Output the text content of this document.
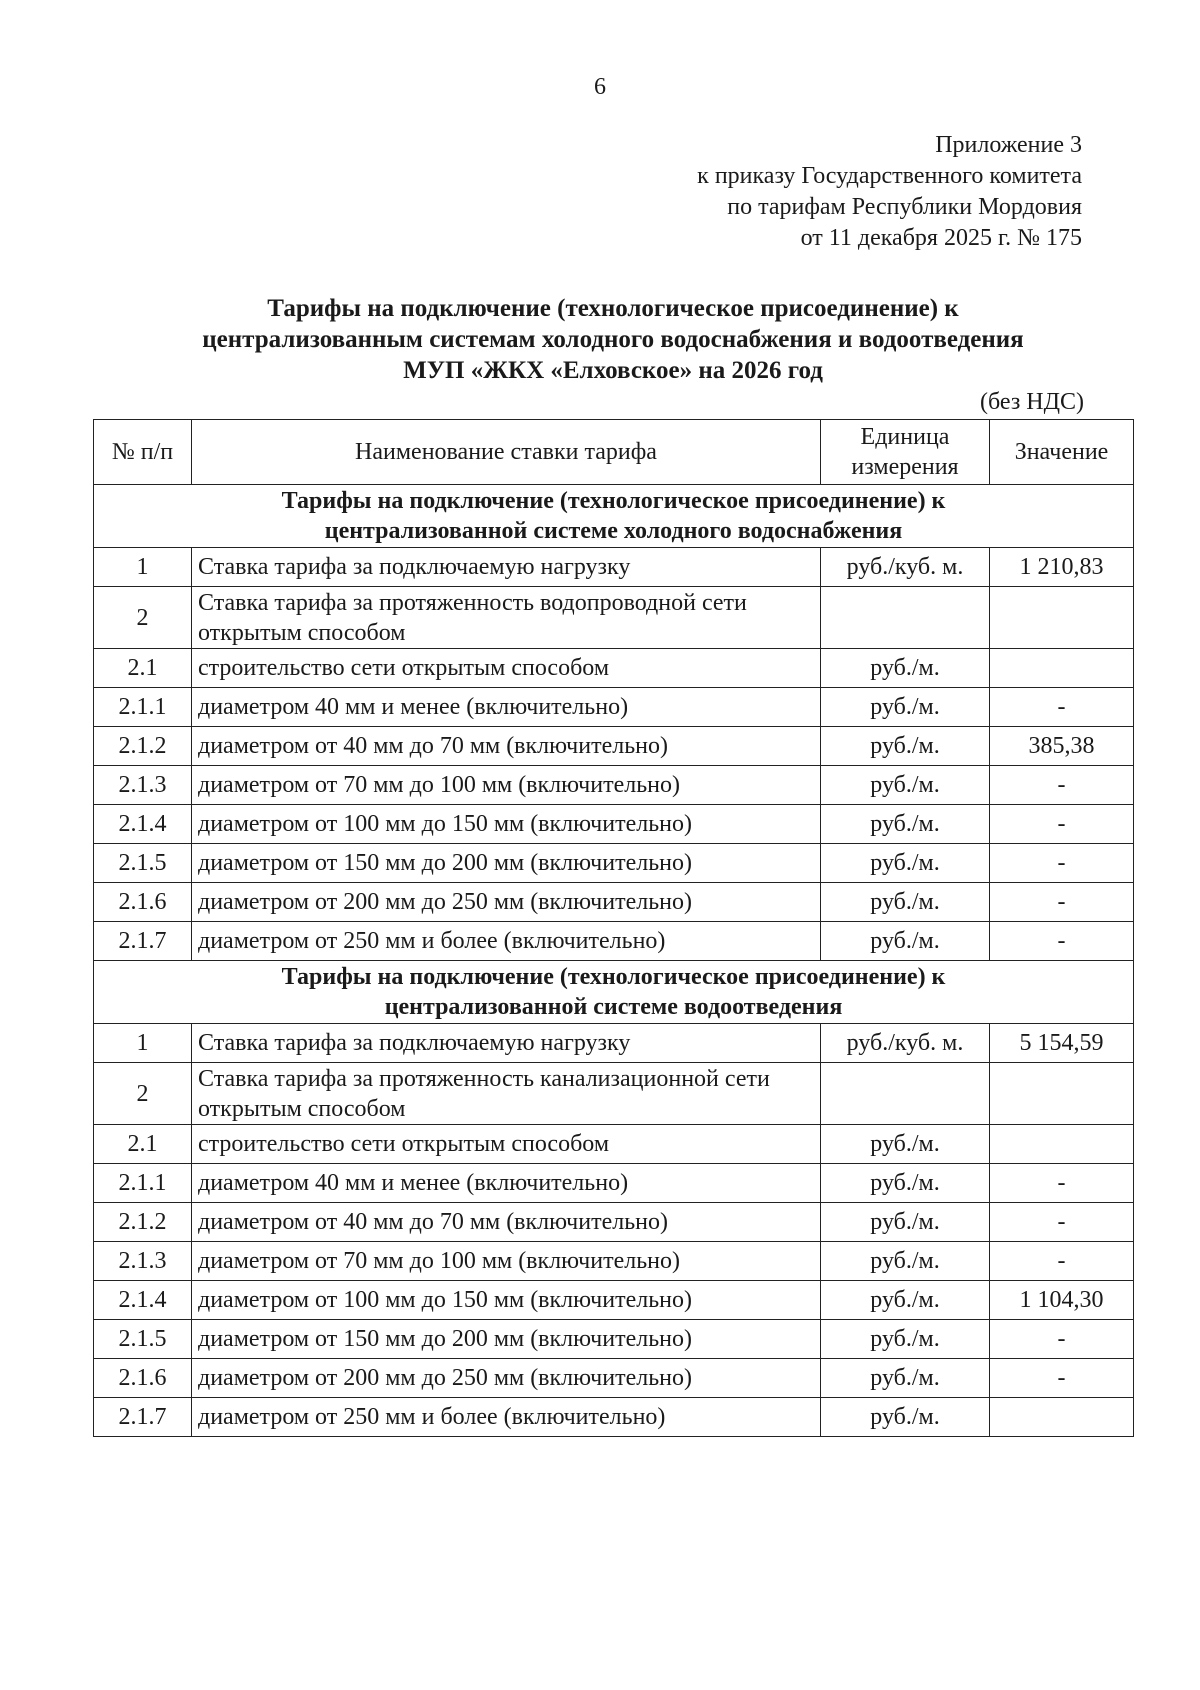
6
Приложение 3
к приказу Государственного комитета
по тарифам Республики Мордовия
от 11 декабря 2025 г. № 175
Тарифы на подключение (технологическое присоединение) к
централизованным системам холодного водоснабжения и водоотведения
МУП «ЖКХ «Елховское» на 2026 год
(без НДС)
№ п/п	Наименование ставки тарифа	Единица измерения	Значение

Тарифы на подключение (технологическое присоединение) к
централизованной системе холодного водоснабжения			

1	Ставка тарифа за подключаемую нагрузку	руб./куб. м.	1 210,83
2	Ставка тарифа за протяженность водопроводной сети открытым способом		
2.1	строительство сети открытым способом	руб./м.	
2.1.1	диаметром 40 мм и менее (включительно)	руб./м.	-
2.1.2	диаметром от 40 мм до 70 мм (включительно)	руб./м.	385,38
2.1.3	диаметром от 70 мм до 100 мм (включительно)	руб./м.	-
2.1.4	диаметром от 100 мм до 150 мм (включительно)	руб./м.	-
2.1.5	диаметром от 150 мм до 200 мм (включительно)	руб./м.	-
2.1.6	диаметром от 200 мм до 250 мм (включительно)	руб./м.	-
2.1.7	диаметром от 250 мм и более (включительно)	руб./м.	-

Тарифы на подключение (технологическое присоединение) к
централизованной системе водоотведения			

1	Ставка тарифа за подключаемую нагрузку	руб./куб. м.	5 154,59
2	Ставка тарифа за протяженность канализационной сети открытым способом		
2.1	строительство сети открытым способом	руб./м.	
2.1.1	диаметром 40 мм и менее (включительно)	руб./м.	-
2.1.2	диаметром от 40 мм до 70 мм (включительно)	руб./м.	-
2.1.3	диаметром от 70 мм до 100 мм (включительно)	руб./м.	-
2.1.4	диаметром от 100 мм до 150 мм (включительно)	руб./м.	1 104,30
2.1.5	диаметром от 150 мм до 200 мм (включительно)	руб./м.	-
2.1.6	диаметром от 200 мм до 250 мм (включительно)	руб./м.	-
2.1.7	диаметром от 250 мм и более (включительно)	руб./м.	
